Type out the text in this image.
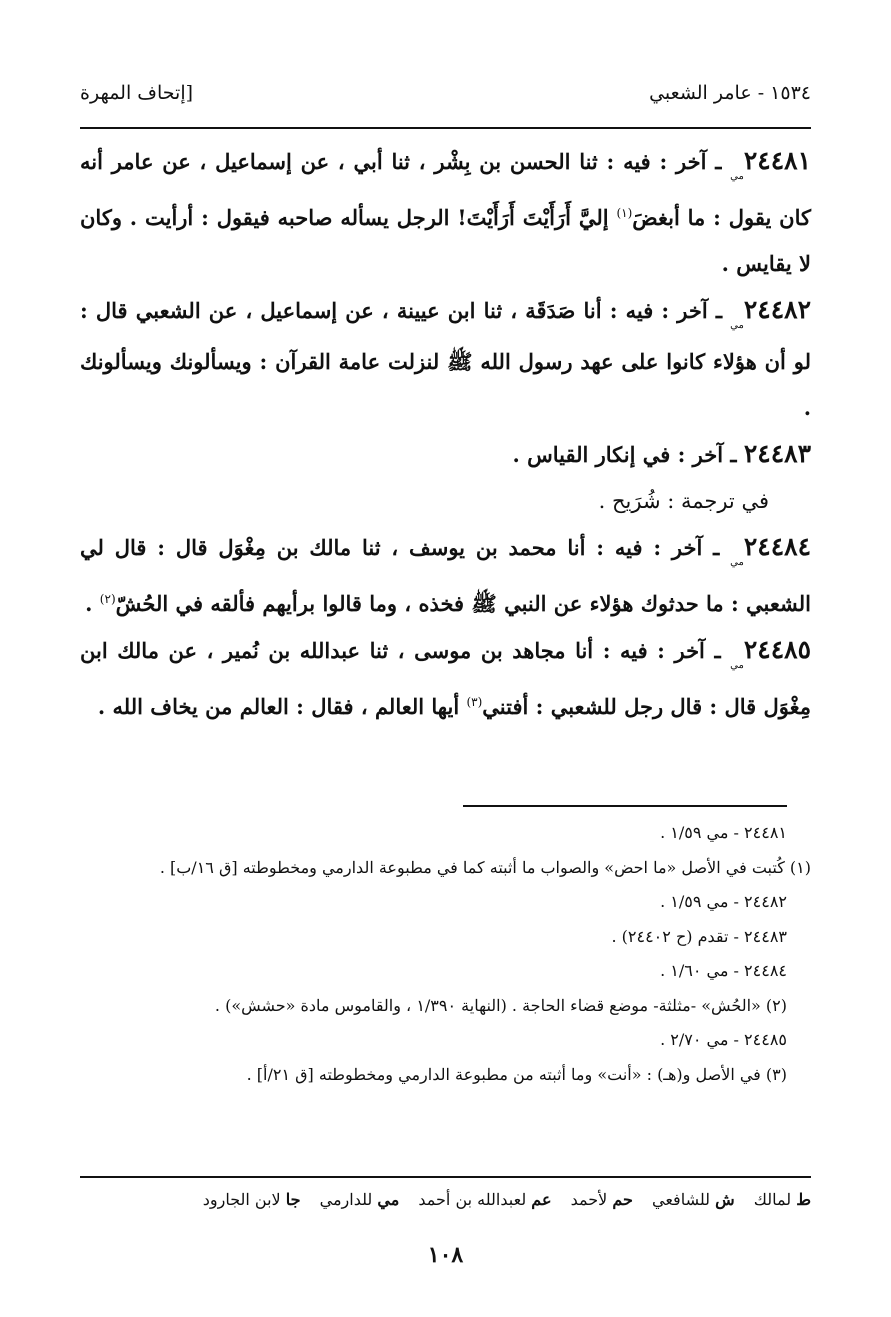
١٥٣٤ - عامر الشعبي
[إتحاف المهرة

$٢٤٤٨١_{مي}$ ـ آخر : فيه : ثنا الحسن بن بِشْر ، ثنا أبي ، عن إسماعيل ، عن عامر أنه كان يقول : ما أبغضَ$^{(١)}$ إليَّ أَرَأَيْتَ أَرَأَيْتَ! الرجل يسأله صاحبه فيقول : أرأيت . وكان لا يقايس .

$٢٤٤٨٢_{مي}$ ـ آخر : فيه : أنا صَدَقَة ، ثنا ابن عيينة ، عن إسماعيل ، عن الشعبي قال : لو أن هؤلاء كانوا على عهد رسول الله ﷺ لنزلت عامة القرآن : ويسألونك ويسألونك .

٢٤٤٨٣ ـ آخر : في إنكار القياس .

في ترجمة : شُرَيح .

$٢٤٤٨٤_{مي}$ ـ آخر : فيه : أنا محمد بن يوسف ، ثنا مالك بن مِغْوَل قال : قال لي الشعبي : ما حدثوك هؤلاء عن النبي ﷺ فخذه ، وما قالوا برأيهم فألقه في الحُشّ$^{(٢)}$ .

$٢٤٤٨٥_{مي}$ ـ آخر : فيه : أنا مجاهد بن موسى ، ثنا عبدالله بن نُمير ، عن مالك ابن مِغْوَل قال : قال رجل للشعبي : أفتني$^{(٣)}$ أيها العالم ، فقال : العالم من يخاف الله .

٢٤٤٨١ - مي ١/٥٩ .

(١) كُتبت في الأصل «ما احض» والصواب ما أثبته كما في مطبوعة الدارمي ومخطوطته [ق ١٦/ب] .

٢٤٤٨٢ - مي ١/٥٩ .

٢٤٤٨٣ - تقدم (ح ٢٤٤٠٢) .

٢٤٤٨٤ - مي ١/٦٠ .

(٢) «الحُش» -مثلثة- موضع قضاء الحاجة . (النهاية ١/٣٩٠ ، والقاموس مادة «حشش») .

٢٤٤٨٥ - مي ٢/٧٠ .

(٣) في الأصل و(هـ) : «أنت» وما أثبته من مطبوعة الدارمي ومخطوطته [ق ٢١/أ] .

ط لمالك ش للشافعي حم لأحمد عم لعبدالله بن أحمد مي للدارمي جا لابن الجارود
١٠٨
